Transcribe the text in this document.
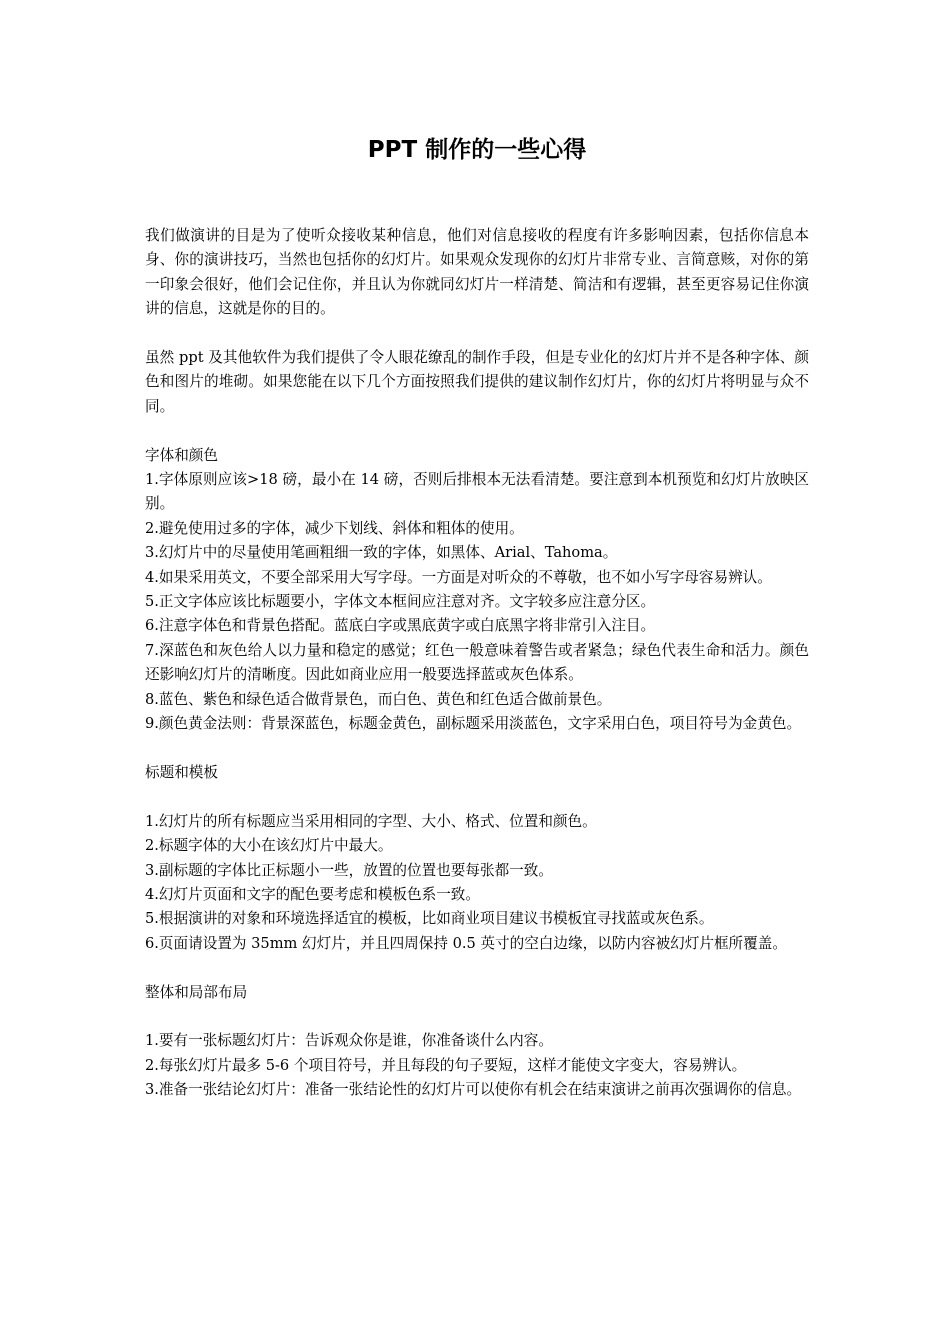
PPT 制作的一些心得

我们做演讲的目是为了使听众接收某种信息，他们对信息接收的程度有许多影响因素，包括你信息本身、你的演讲技巧，当然也包括你的幻灯片。如果观众发现你的幻灯片非常专业、言简意赅，对你的第一印象会很好，他们会记住你，并且认为你就同幻灯片一样清楚、简洁和有逻辑，甚至更容易记住你演讲的信息，这就是你的目的。

虽然 ppt 及其他软件为我们提供了令人眼花缭乱的制作手段，但是专业化的幻灯片并不是各种字体、颜色和图片的堆砌。如果您能在以下几个方面按照我们提供的建议制作幻灯片，你的幻灯片将明显与众不同。

字体和颜色

1.字体原则应该>18 磅，最小在 14 磅，否则后排根本无法看清楚。要注意到本机预览和幻灯片放映区别。

2.避免使用过多的字体，减少下划线、斜体和粗体的使用。

3.幻灯片中的尽量使用笔画粗细一致的字体，如黑体、Arial、Tahoma。

4.如果采用英文，不要全部采用大写字母。一方面是对听众的不尊敬，也不如小写字母容易辨认。

5.正文字体应该比标题要小，字体文本框间应注意对齐。文字较多应注意分区。

6.注意字体色和背景色搭配。蓝底白字或黑底黄字或白底黑字将非常引入注目。

7.深蓝色和灰色给人以力量和稳定的感觉；红色一般意味着警告或者紧急；绿色代表生命和活力。颜色还影响幻灯片的清晰度。因此如商业应用一般要选择蓝或灰色体系。

8.蓝色、紫色和绿色适合做背景色，而白色、黄色和红色适合做前景色。

9.颜色黄金法则：背景深蓝色，标题金黄色，副标题采用淡蓝色，文字采用白色，项目符号为金黄色。

标题和模板

1.幻灯片的所有标题应当采用相同的字型、大小、格式、位置和颜色。

2.标题字体的大小在该幻灯片中最大。

3.副标题的字体比正标题小一些，放置的位置也要每张都一致。

4.幻灯片页面和文字的配色要考虑和模板色系一致。

5.根据演讲的对象和环境选择适宜的模板，比如商业项目建议书模板宜寻找蓝或灰色系。

6.页面请设置为 35mm 幻灯片，并且四周保持 0.5 英寸的空白边缘，以防内容被幻灯片框所覆盖。

整体和局部布局

1.要有一张标题幻灯片：告诉观众你是谁，你准备谈什么内容。

2.每张幻灯片最多 5-6 个项目符号，并且每段的句子要短，这样才能使文字变大，容易辨认。

3.准备一张结论幻灯片：准备一张结论性的幻灯片可以使你有机会在结束演讲之前再次强调你的信息。
